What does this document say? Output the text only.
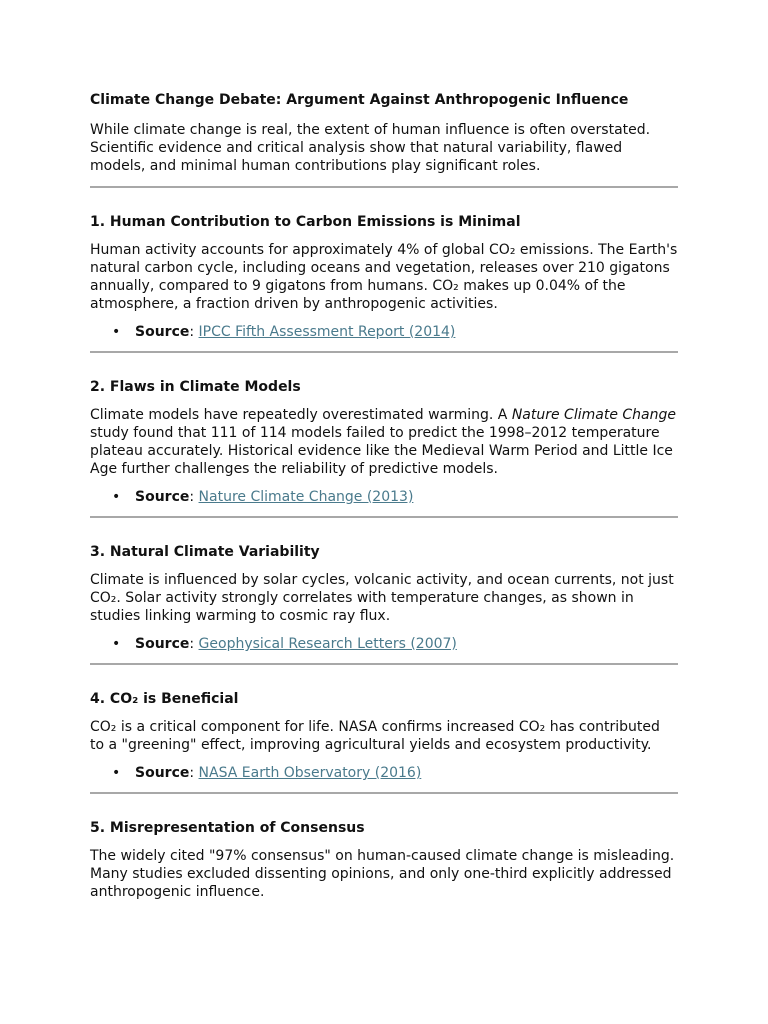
Climate Change Debate: Argument Against Anthropogenic Influence

While climate change is real, the extent of human influence is often overstated. Scientific evidence and critical analysis show that natural variability, flawed models, and minimal human contributions play significant roles.

1. Human Contribution to Carbon Emissions is Minimal

Human activity accounts for approximately 4% of global CO₂ emissions. The Earth's natural carbon cycle, including oceans and vegetation, releases over 210 gigatons annually, compared to 9 gigatons from humans. CO₂ makes up 0.04% of the atmosphere, a fraction driven by anthropogenic activities.

• Source: IPCC Fifth Assessment Report (2014)
2. Flaws in Climate Models

Climate models have repeatedly overestimated warming. A Nature Climate Change study found that 111 of 114 models failed to predict the 1998–2012 temperature plateau accurately. Historical evidence like the Medieval Warm Period and Little Ice Age further challenges the reliability of predictive models.

• Source: Nature Climate Change (2013)
3. Natural Climate Variability

Climate is influenced by solar cycles, volcanic activity, and ocean currents, not just CO₂. Solar activity strongly correlates with temperature changes, as shown in studies linking warming to cosmic ray flux.

• Source: Geophysical Research Letters (2007)
4. CO₂ is Beneficial

CO₂ is a critical component for life. NASA confirms increased CO₂ has contributed to a "greening" effect, improving agricultural yields and ecosystem productivity.

• Source: NASA Earth Observatory (2016)
5. Misrepresentation of Consensus

The widely cited "97% consensus" on human-caused climate change is misleading. Many studies excluded dissenting opinions, and only one-third explicitly addressed anthropogenic influence.
